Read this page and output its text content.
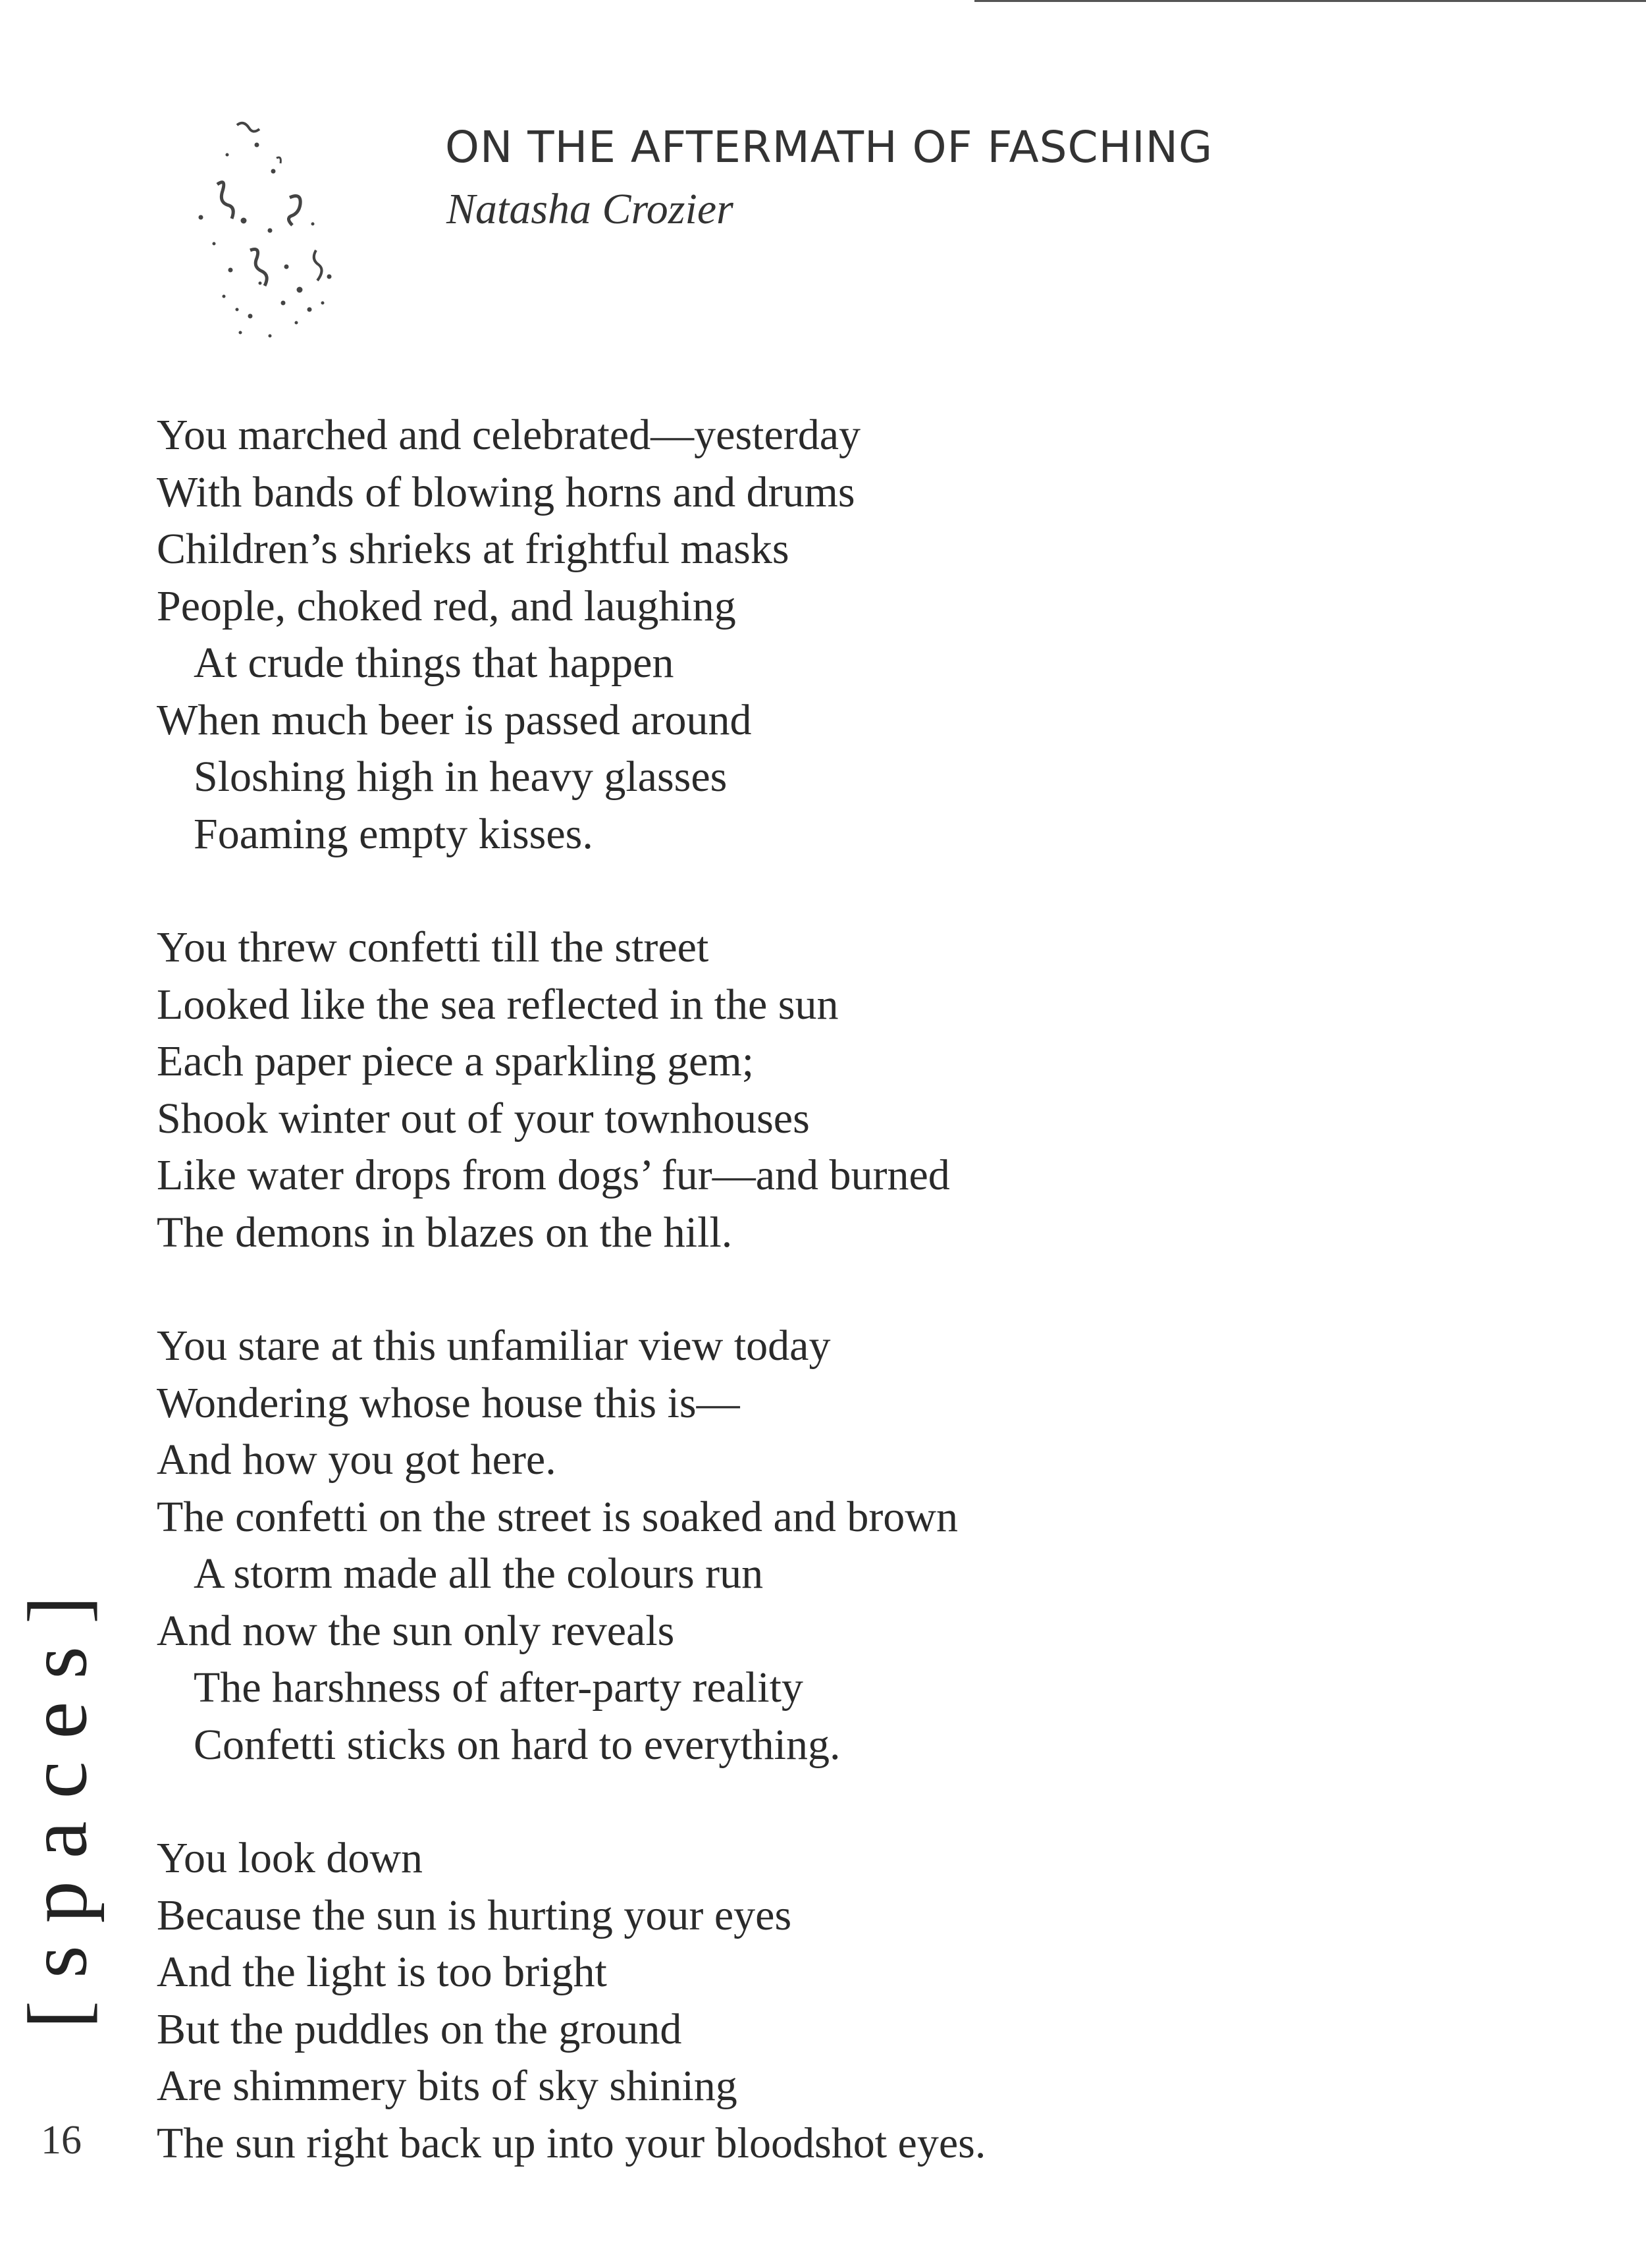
ON THE AFTERMATH OF FASCHING
Natasha Crozier
You marched and celebrated—yesterday
With bands of blowing horns and drums
Children’s shrieks at frightful masks
People, choked red, and laughing
At crude things that happen
When much beer is passed around
Sloshing high in heavy glasses
Foaming empty kisses.
You threw confetti till the street
Looked like the sea reflected in the sun
Each paper piece a sparkling gem;
Shook winter out of your townhouses
Like water drops from dogs’ fur—and burned
The demons in blazes on the hill.
You stare at this unfamiliar view today
Wondering whose house this is—
And how you got here.
The confetti on the street is soaked and brown
A storm made all the colours run
And now the sun only reveals
The harshness of after-party reality
Confetti sticks on hard to everything.
You look down
Because the sun is hurting your eyes
And the light is too bright
But the puddles on the ground
Are shimmery bits of sky shining
The sun right back up into your bloodshot eyes.
[spaces]
16
